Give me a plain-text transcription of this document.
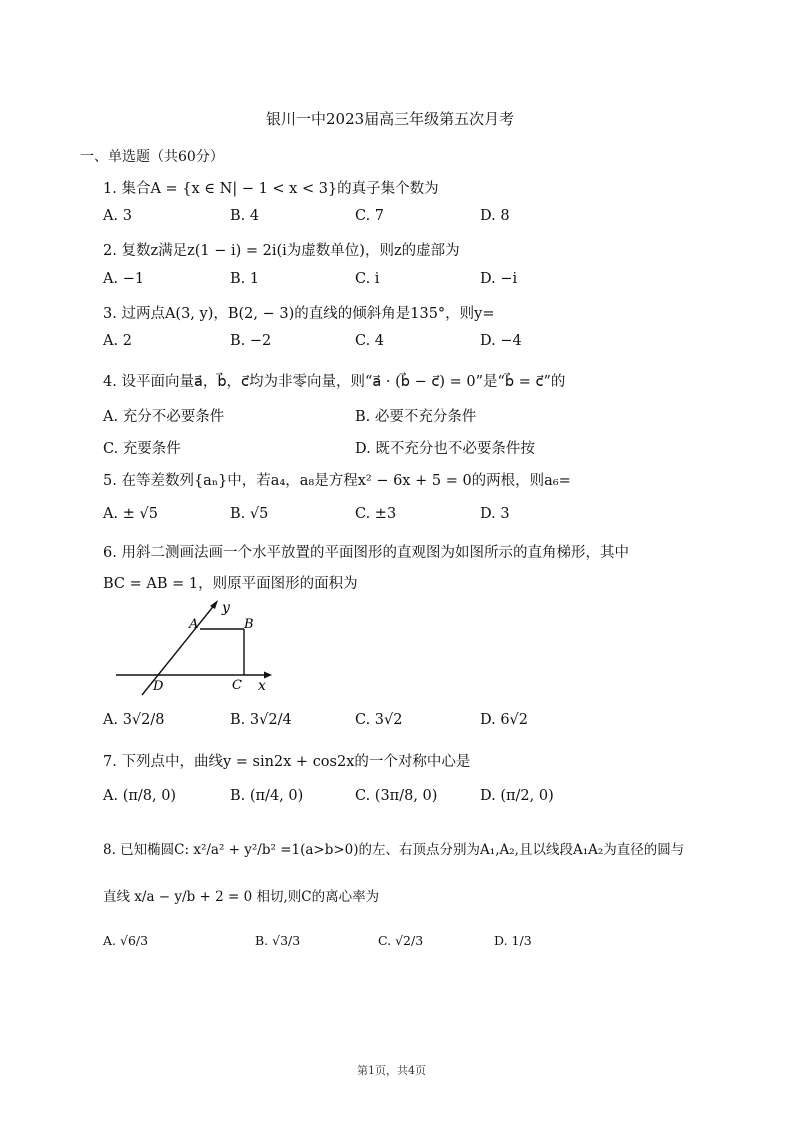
银川一中2023届高三年级第五次月考
一、单选题（共60分）
1. 集合A = {x ∈ N| − 1 < x < 3}的真子集个数为
A. 3	B. 4	C. 7	D. 8
2. 复数z满足z(1 − i) = 2i(i为虚数单位)，则z的虚部为
A. −1	B. 1	C. i	D. −i
3. 过两点A(3, y)，B(2, − 3)的直线的倾斜角是135°，则y=
A. 2	B. −2	C. 4	D. −4
4. 设平面向量a⃗，b⃗，c⃗均为非零向量，则“a⃗ · (b⃗ − c⃗) = 0”是“b⃗ = c⃗”的
A. 充分不必要条件	B. 必要不充分条件
C. 充要条件	D. 既不充分也不必要条件按
5. 在等差数列{aₙ}中，若a₄，a₈是方程x² − 6x + 5 = 0的两根，则a₆=
A. ± √5	B. √5	C. ±3	D. 3
6. 用斜二测画法画一个水平放置的平面图形的直观图为如图所示的直角梯形，其中
BC = AB = 1，则原平面图形的面积为
y
A	B
C
D	x
A. 3√2/8	B. 3√2/4	C. 3√2	D. 6√2
7. 下列点中，曲线y = sin2x + cos2x的一个对称中心是
A. (π/8, 0)	B. (π/4, 0)	C. (3π/8, 0)	D. (π/2, 0)
8. 已知椭圆C: x²/a² + y²/b² =1(a>b>0)的左、右顶点分别为A₁,A₂,且以线段A₁A₂为直径的圆与
直线 x/a − y/b + 2 = 0 相切,则C的离心率为
A. √6/3	B. √3/3	C. √2/3	D. 1/3
第1页，共4页
